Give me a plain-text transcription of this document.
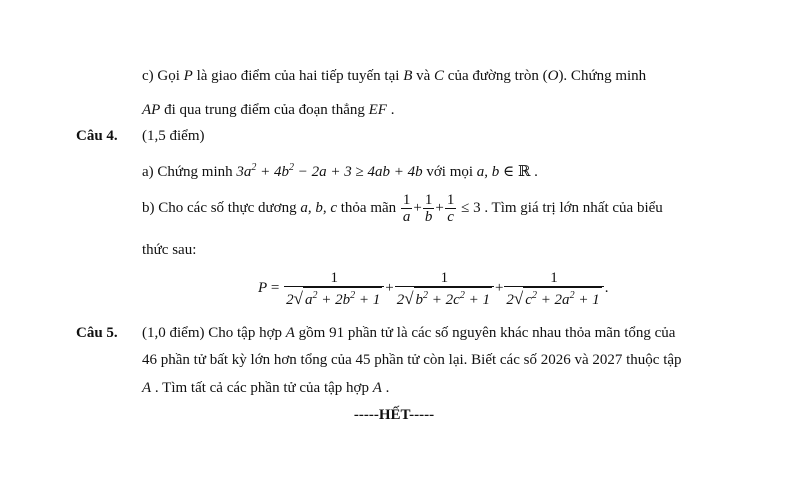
c) Gọi P là giao điểm của hai tiếp tuyến tại B và C của đường tròn (O). Chứng minh
AP đi qua trung điểm của đoạn thẳng EF .
Câu 4. (1,5 điểm)
a) Chứng minh $3a^2 + 4b^2 - 2a + 3 \ge 4ab + 4b$ với mọi a, b ∈ ℝ .
b) Cho các số thực dương a, b, c thỏa mãn $\frac{1}{a} + \frac{1}{b} + \frac{1}{c} \le 3$ . Tìm giá trị lớn nhất của biểu
thức sau:
$P = \frac{1}{2√ a^2 + 2b^2 + 1} + \frac{1}{2√ b^2 + 2c^2 + 1} + \frac{1}{2√ c^2 + 2a^2 + 1}$ .
Câu 5. (1,0 điểm) Cho tập hợp A gồm 91 phần tử là các số nguyên khác nhau thỏa mãn tổng của
46 phần tử bất kỳ lớn hơn tổng của 45 phần tử còn lại. Biết các số 2026 và 2027 thuộc tập
A . Tìm tất cả các phần tử của tập hợp A .
-----HẾT-----
